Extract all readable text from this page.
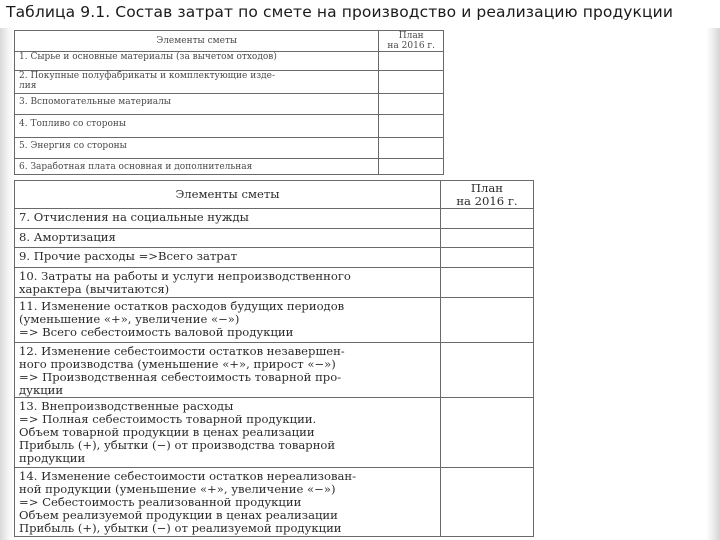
Таблица 9.1. Состав затрат по смете на производство и реализацию продукции
Элементы сметы	План
на 2016 г.

1. Сырье и основные материалы (за вычетом отходов)	

2. Покупные полуфабрикаты и комплектующие изде-
лия	

3. Вспомогательные материалы	

4. Топливо со стороны	

5. Энергия со стороны	

6. Заработная плата основная и дополнительная	

Элементы сметы	План
на 2016 г.

7. Отчисления на социальные нужды	

8. Амортизация	

9. Прочие расходы =>Всего затрат	

10. Затраты на работы и услуги непроизводственного
характера (вычитаются)	

11. Изменение остатков расходов будущих периодов
(уменьшение «+», увеличение «−»)
=> Всего себестоимость валовой продукции	

12. Изменение себестоимости остатков незавершен-
ного производства (уменьшение «+», прирост «−»)
=> Производственная себестоимость товарной про-
дукции	

13. Внепроизводственные расходы
=> Полная себестоимость товарной продукции.
Объем товарной продукции в ценах реализации
Прибыль (+), убытки (−) от производства товарной
продукции	

14. Изменение себестоимости остатков нереализован-
ной продукции (уменьшение «+», увеличение «−»)
=> Себестоимость реализованной продукции
Объем реализуемой продукции в ценах реализации
Прибыль (+), убытки (−) от реализуемой продукции	
